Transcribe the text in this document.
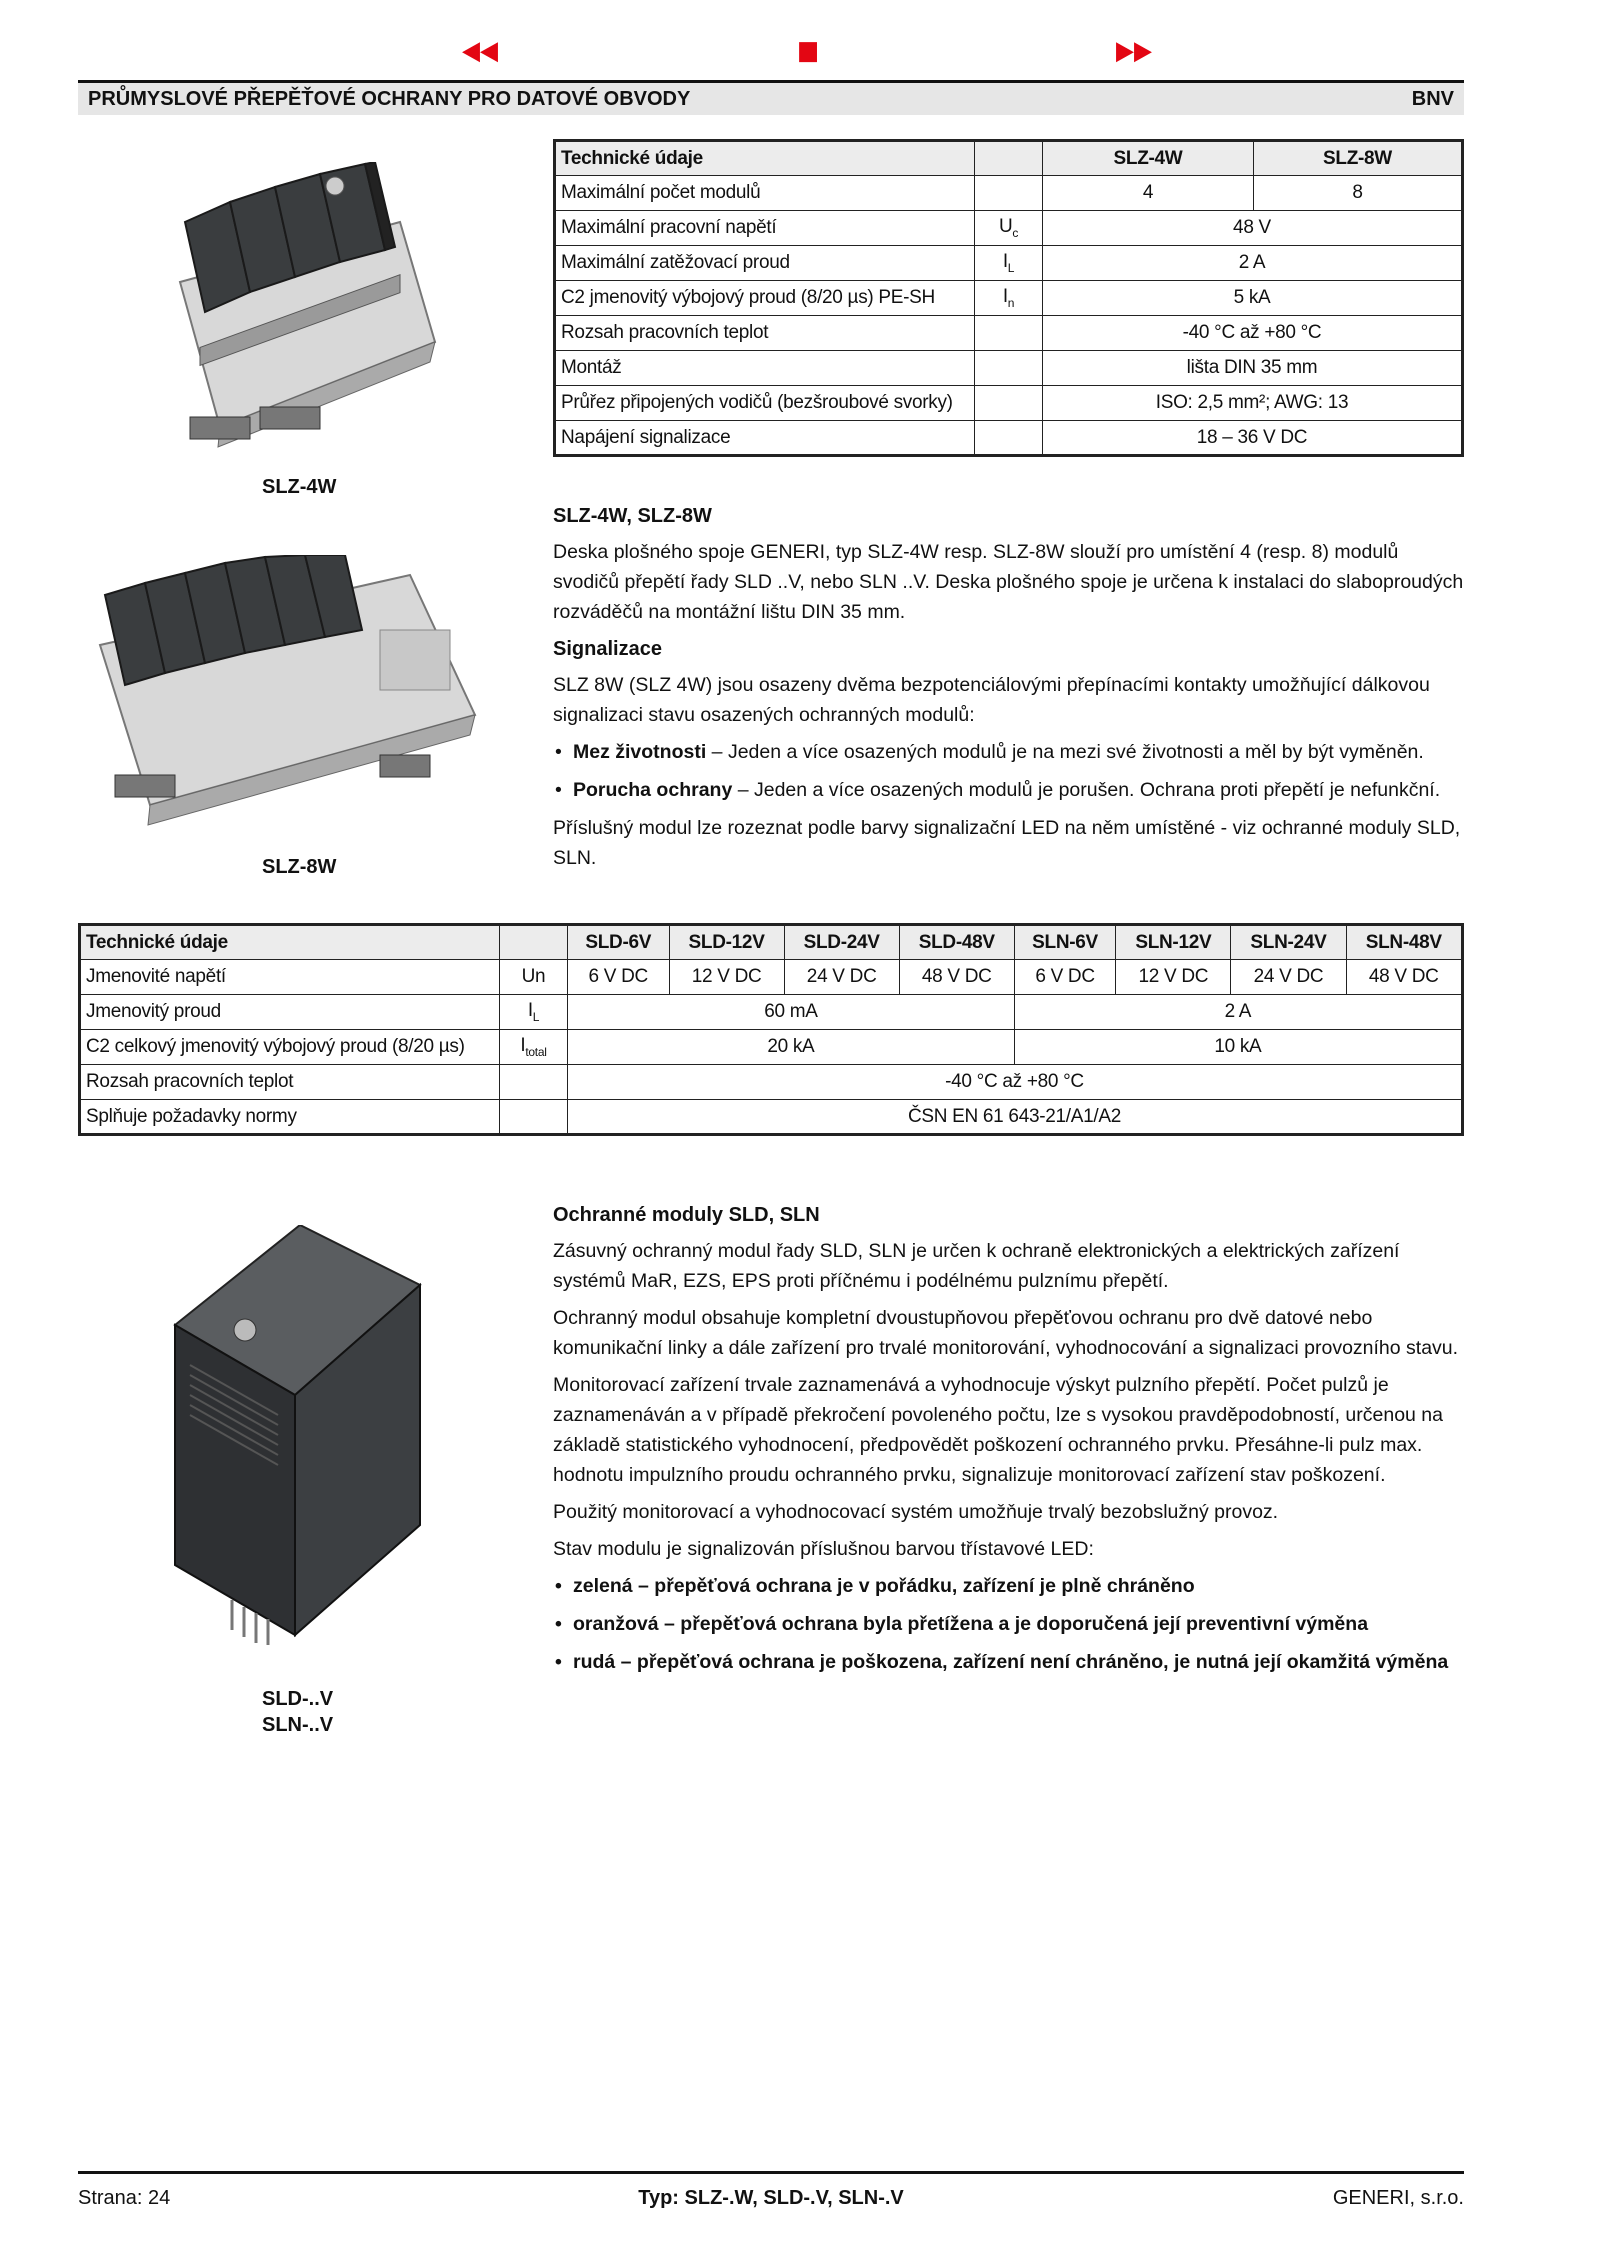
◀◀	■	▶▶
PRŮMYSLOVÉ PŘEPĚŤOVÉ OCHRANY PRO DATOVÉ OBVODY	BNV
SLZ-4W
SLZ-8W
Technické údaje		SLZ-4W	SLZ-8W
Maximální počet modulů		4	8
Maximální pracovní napětí	$U_c$	48 V	
Maximální zatěžovací proud	$I_L$	2 A	
C2 jmenovitý výbojový proud (8/20 µs) PE-SH	$I_n$	5 kA	
Rozsah pracovních teplot		-40 °C až +80 °C	
Montáž		lišta DIN 35 mm	
Průřez připojených vodičů (bezšroubové svorky)		ISO: 2,5 mm²; AWG: 13	
Napájení signalizace		18 – 36 V DC	
SLZ-4W, SLZ-8W

Deska plošného spoje GENERI, typ SLZ-4W resp. SLZ-8W slouží pro umístění 4 (resp. 8) modulů svodičů přepětí řady SLD ..V, nebo SLN ..V. Deska plošného spoje je určena k instalaci do slaboproudých rozváděčů na montážní lištu DIN 35 mm.

Signalizace

SLZ 8W (SLZ 4W) jsou osazeny dvěma bezpotenciálovými přepínacími kontakty umožňující dálkovou signalizaci stavu osazených ochranných modulů:

• Mez životnosti – Jeden a více osazených modulů je na mezi své životnosti a měl by být vyměněn.
• Porucha ochrany – Jeden a více osazených modulů je porušen. Ochrana proti přepětí je nefunkční.

Příslušný modul lze rozeznat podle barvy signalizační LED na něm umístěné - viz ochranné moduly SLD, SLN.

Technické údaje		SLD-6V	SLD-12V	SLD-24V	SLD-48V	SLN-6V	SLN-12V	SLN-24V	SLN-48V
Jmenovité napětí	Un	6 V DC	12 V DC	24 V DC	48 V DC	6 V DC	12 V DC	24 V DC	48 V DC
Jmenovitý proud	$I_L$	60 mA				2 A			
C2 celkový jmenovitý výbojový proud (8/20 µs)	$I_{total}$	20 kA				10 kA			
Rozsah pracovních teplot		-40 °C až +80 °C							
Splňuje požadavky normy		ČSN EN 61 643-21/A1/A2							
SLD-..V
SLN-..V
Ochranné moduly SLD, SLN

Zásuvný ochranný modul řady SLD, SLN je určen k ochraně elektronických a elektrických zařízení systémů MaR, EZS, EPS proti příčnému i podélnému pulznímu přepětí.

Ochranný modul obsahuje kompletní dvoustupňovou přepěťovou ochranu pro dvě datové nebo komunikační linky a dále zařízení pro trvalé monitorování, vyhodnocování a signalizaci provozního stavu.

Monitorovací zařízení trvale zaznamenává a vyhodnocuje výskyt pulzního přepětí. Počet pulzů je zaznamenáván a v případě překročení povoleného počtu, lze s vysokou pravděpodobností, určenou na základě statistického vyhodnocení, předpovědět poškození ochranného prvku. Přesáhne-li pulz max. hodnotu impulzního proudu ochranného prvku, signalizuje monitorovací zařízení stav poškození.

Použitý monitorovací a vyhodnocovací systém umožňuje trvalý bezobslužný provoz.

Stav modulu je signalizován příslušnou barvou třístavové LED:

• zelená – přepěťová ochrana je v pořádku, zařízení je plně chráněno
• oranžová – přepěťová ochrana byla přetížena a je doporučená její preventivní výměna
• rudá – přepěťová ochrana je poškozena, zařízení není chráněno, je nutná její okamžitá výměna
Strana: 24	Typ: SLZ-.W, SLD-.V, SLN-.V	GENERI, s.r.o.
